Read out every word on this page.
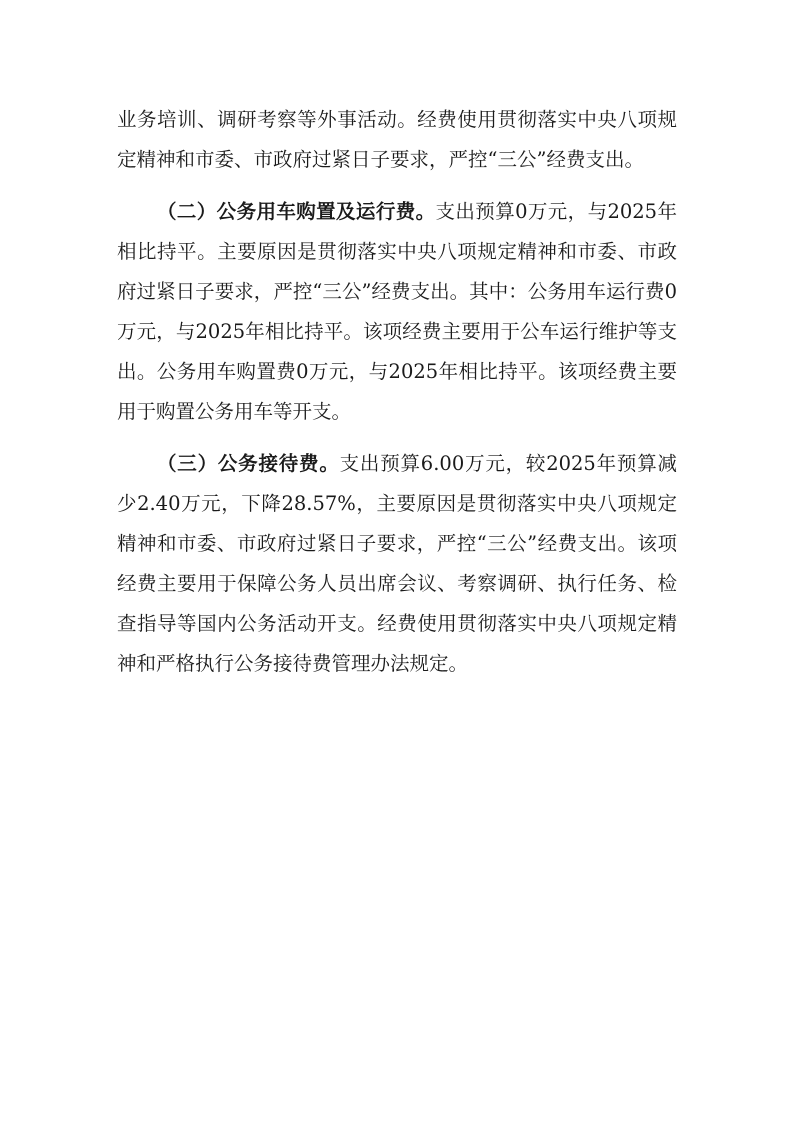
业务培训、调研考察等外事活动。经费使用贯彻落实中央八项规定精神和市委、市政府过紧日子要求，严控“三公”经费支出。

（二）公务用车购置及运行费。支出预算0万元，与2025年相比持平。主要原因是贯彻落实中央八项规定精神和市委、市政府过紧日子要求，严控“三公”经费支出。其中：公务用车运行费0万元，与2025年相比持平。该项经费主要用于公车运行维护等支出。公务用车购置费0万元，与2025年相比持平。该项经费主要用于购置公务用车等开支。

（三）公务接待费。支出预算6.00万元，较2025年预算减少2.40万元，下降28.57%，主要原因是贯彻落实中央八项规定精神和市委、市政府过紧日子要求，严控“三公”经费支出。该项经费主要用于保障公务人员出席会议、考察调研、执行任务、检查指导等国内公务活动开支。经费使用贯彻落实中央八项规定精神和严格执行公务接待费管理办法规定。
